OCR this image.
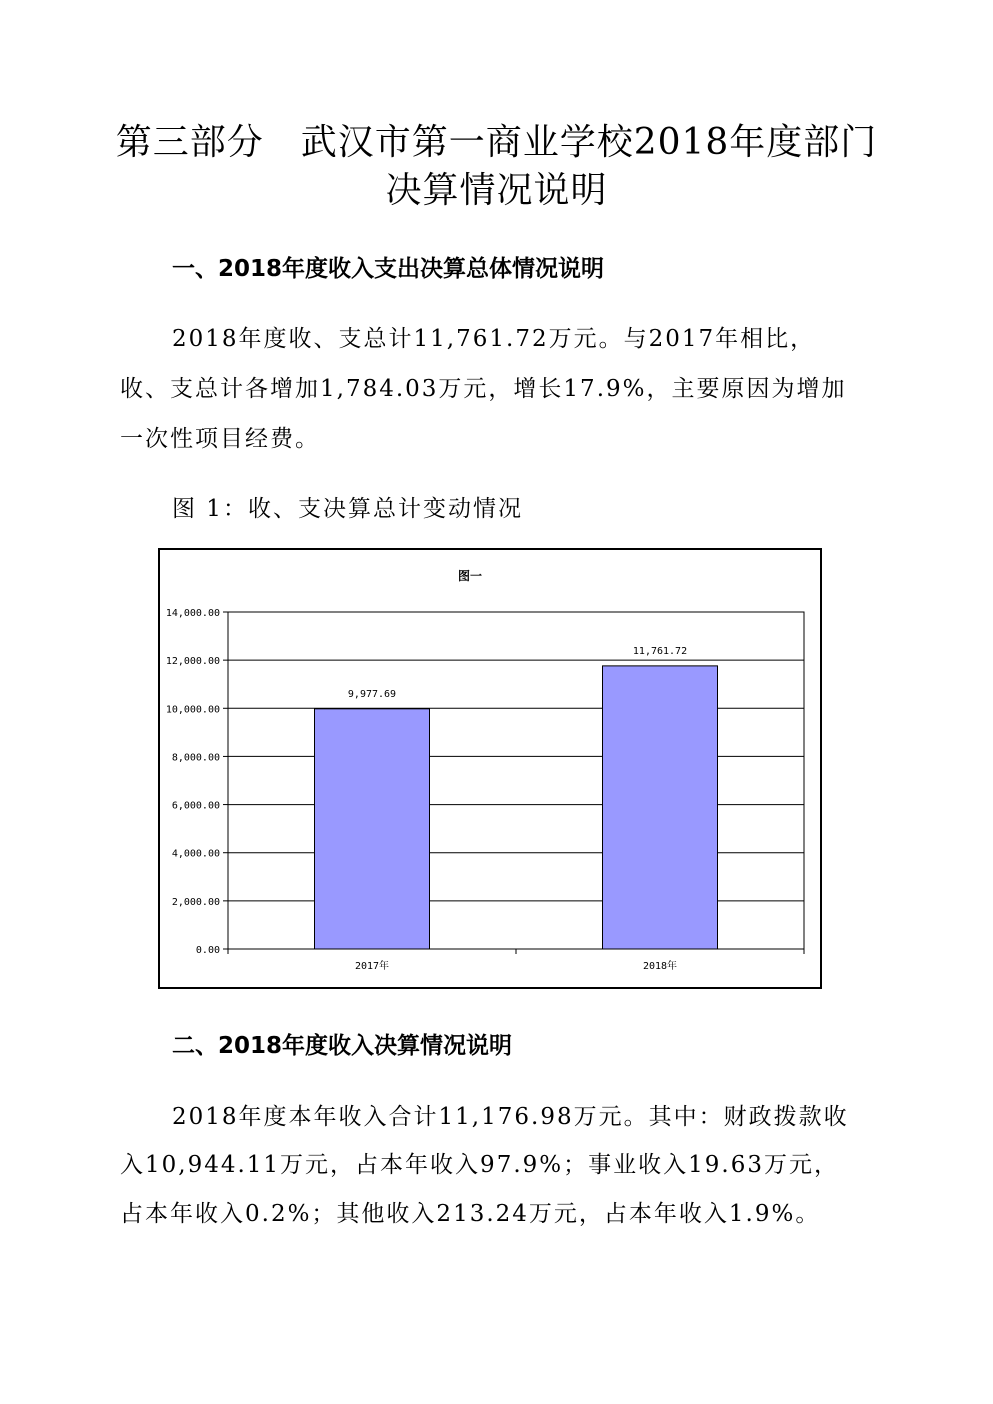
第三部分　武汉市第一商业学校2018年度部门
决算情况说明
一、2018年度收入支出决算总体情况说明
2018年度收、支总计11,761.72万元。与2017年相比，
收、支总计各增加1,784.03万元，增长17.9%，主要原因为增加
一次性项目经费。
图 1：收、支决算总计变动情况
图一
0.00
2,000.00
4,000.00
6,000.00
8,000.00
10,000.00
12,000.00
14,000.00
9,977.69
2017年
11,761.72
2018年
二、2018年度收入决算情况说明
2018年度本年收入合计11,176.98万元。其中：财政拨款收
入10,944.11万元，占本年收入97.9%；事业收入19.63万元，
占本年收入0.2%；其他收入213.24万元，占本年收入1.9%。
